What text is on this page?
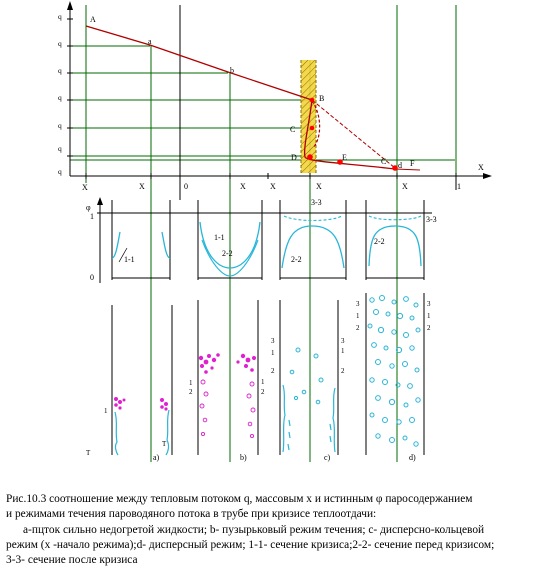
q
q
q
q
q
q
q	X
X	X	0	X	X	X	X	1
A
a
b
B
C
D	E	C d F
φ
1
0
1-1
1-1
2-2
3-3
2-2
3-3
2-2
1
T
T
a)
1
2
1
2
b)
3
1
2
3
1
2
c)
3
1
2
3
1
2
d)

Рис.10.3 соотношение между тепловым потоком q, массовым x и истинным φ паросодержанием

и режимами течения пароводяного потока в трубе при кризисе теплоотдачи:

а-пцток сильно недогретой жидкости; b- пузырьковый режим течения; c- дисперсно-кольцевой

режим (x -начало режима);d- дисперсный режим; 1-1- сечение кризиса;2-2- сечение перед кризисом;

3-3- сечение после кризиса
